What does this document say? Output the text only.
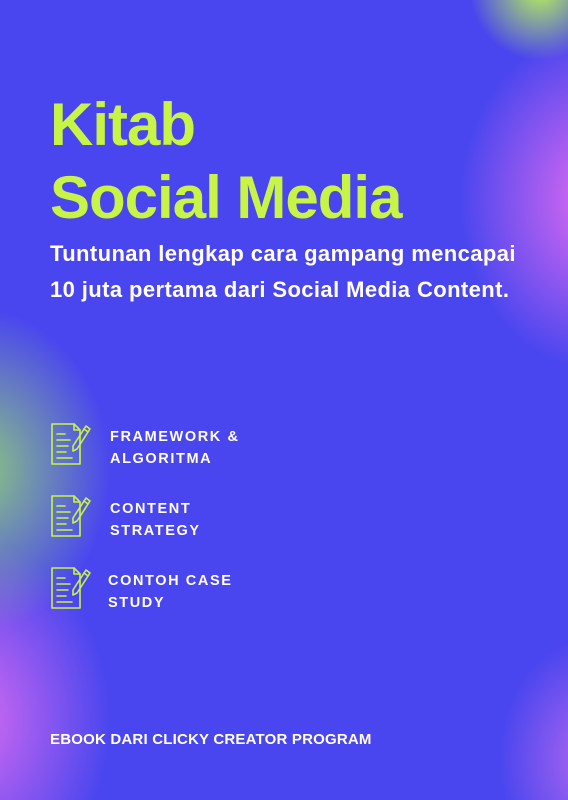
Kitab
Social Media

Tuntunan lengkap cara gampang mencapai 10 juta pertama dari Social Media Content.

FRAMEWORK &
ALGORITMA
CONTENT
STRATEGY
CONTOH CASE
STUDY

EBOOK DARI CLICKY CREATOR PROGRAM
